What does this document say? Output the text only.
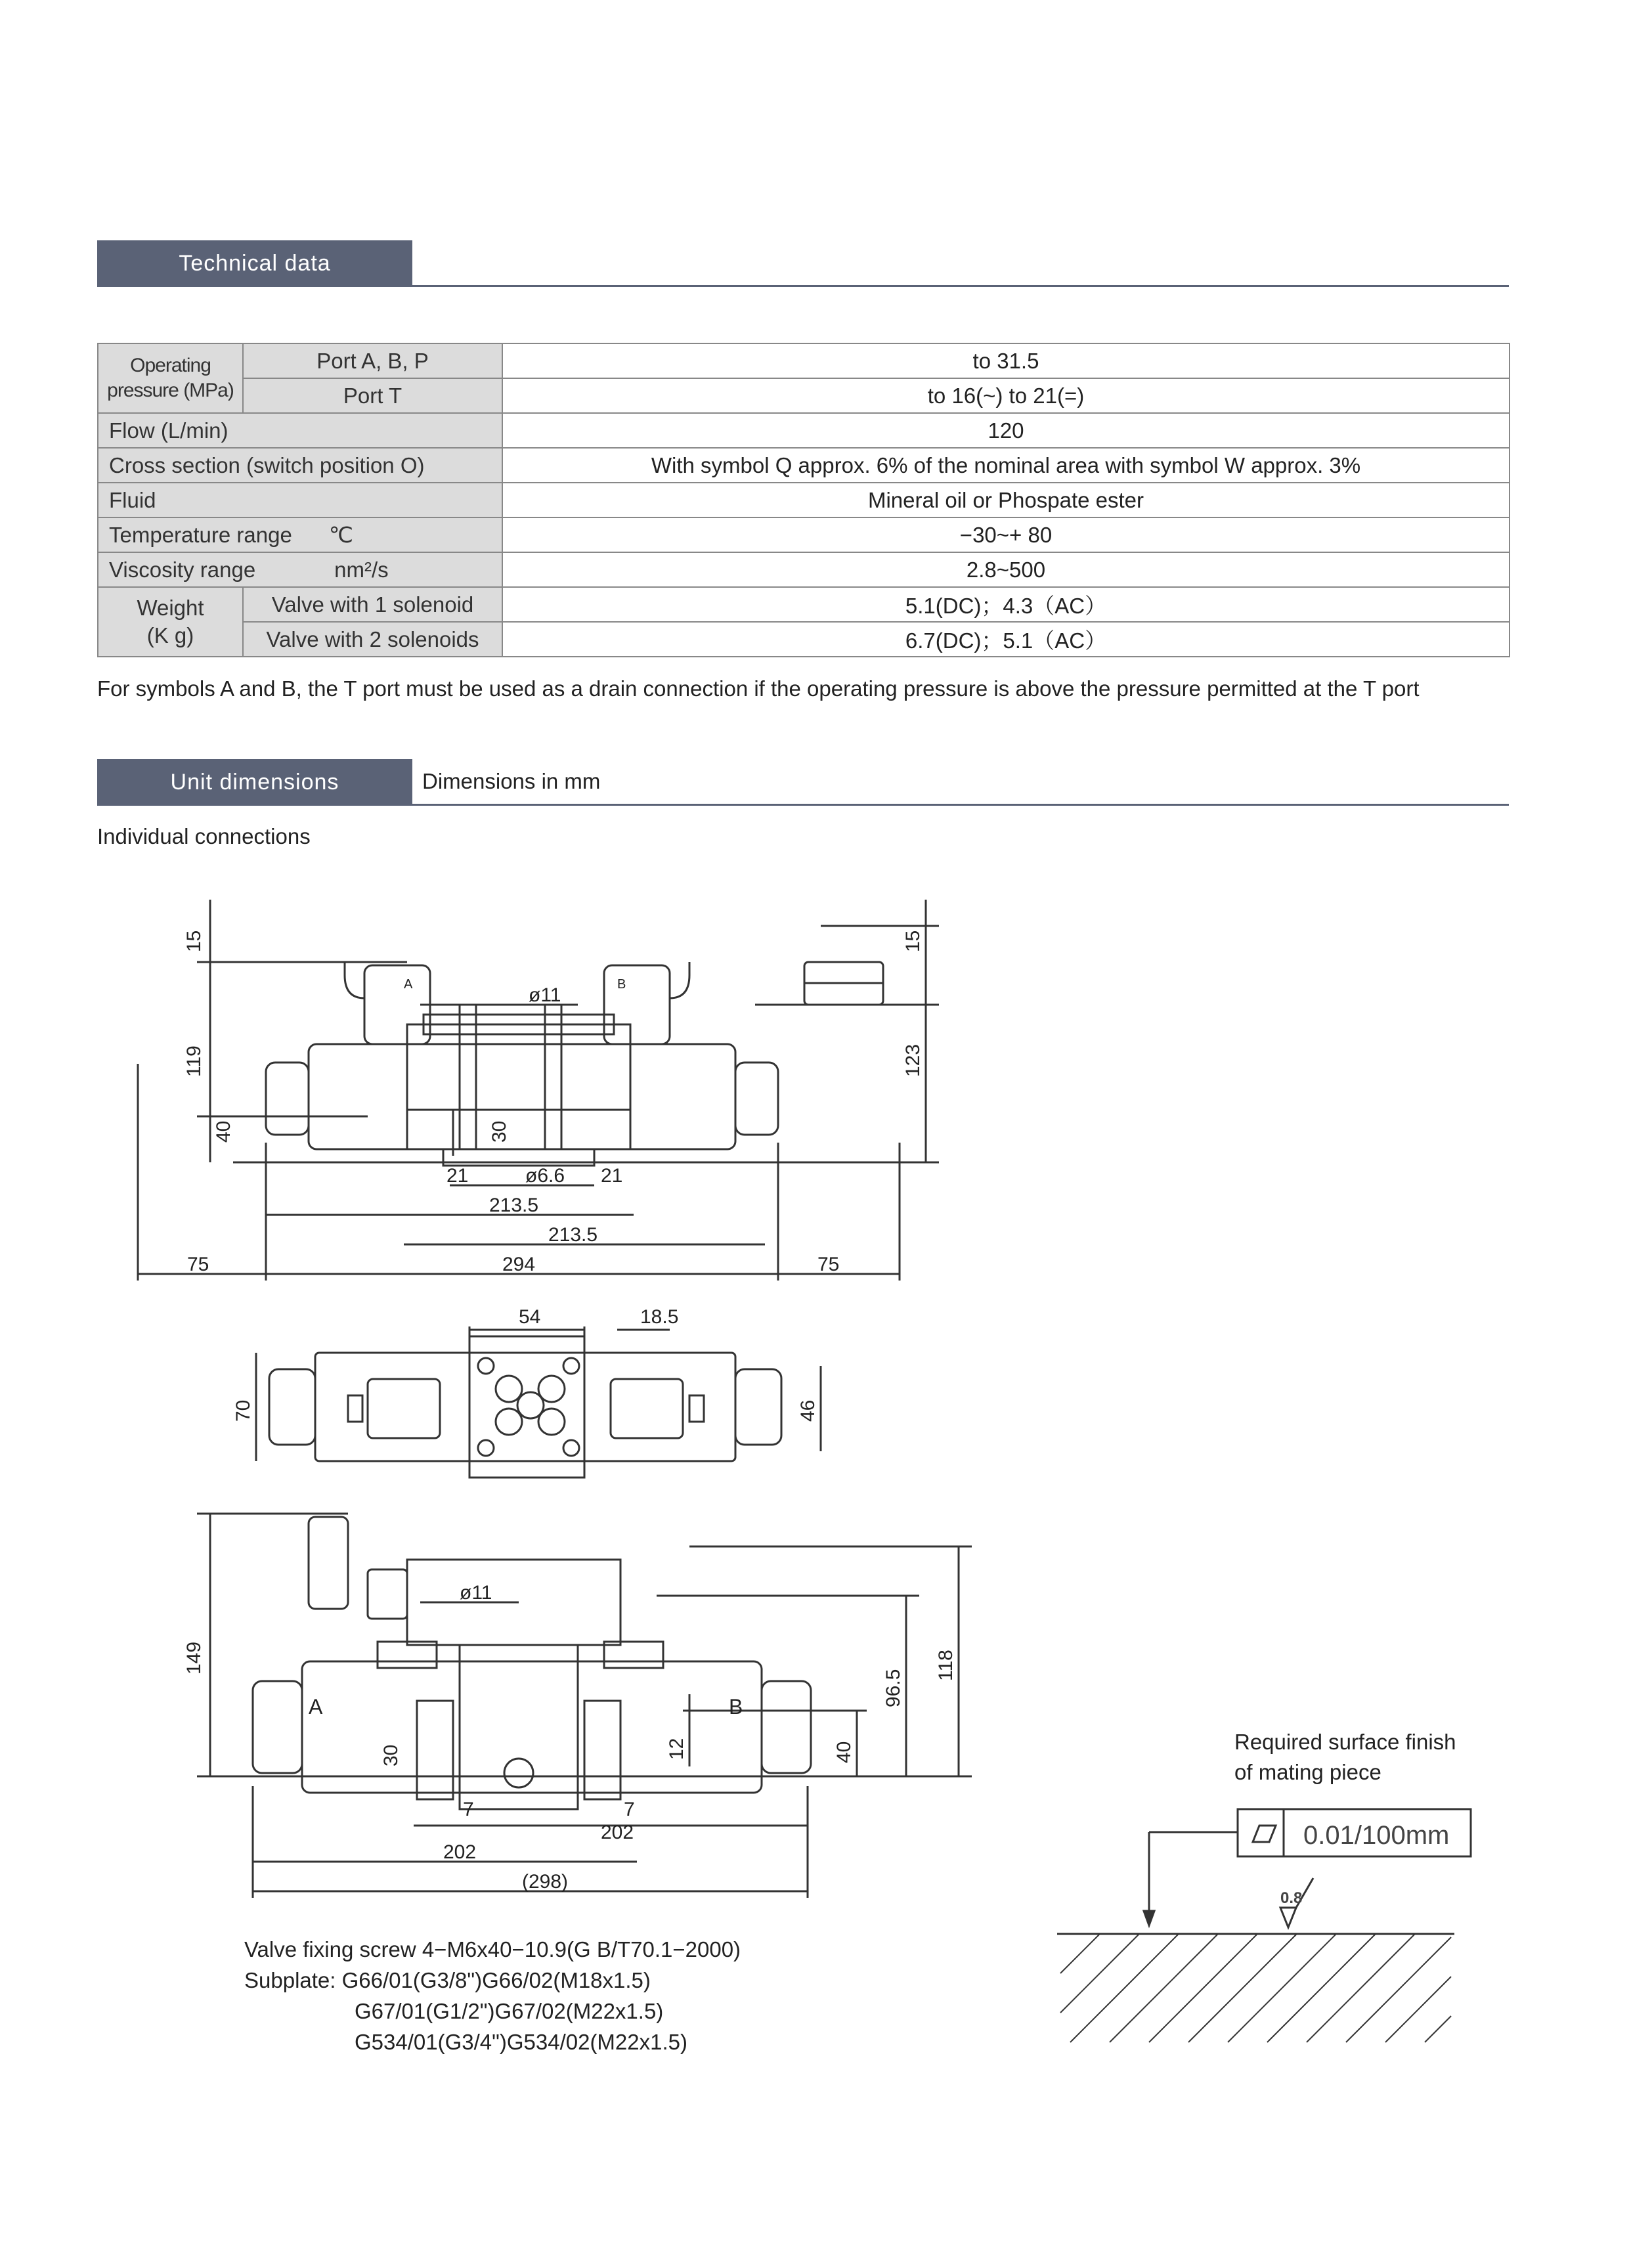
Technical data
Operating pressure (MPa)	Port A, B, P	to 31.5
	Port T	to 16(~) to 21(=)
Flow (L/min)		120
Cross section (switch position O)		With symbol Q approx. 6% of the nominal area with symbol W approx. 3%
Fluid		Mineral oil or Phospate ester
Temperature range ℃		−30~+ 80
Viscosity range nm²/s		2.8~500
Weight (K g)	Valve with 1 solenoid	5.1(DC)；4.3（AC）
	Valve with 2 solenoids	6.7(DC)；5.1（AC）
For symbols A and B, the T port must be used as a drain connection if the operating pressure is above the pressure permitted at the T port
Unit dimensions	Dimensions in mm
Individual connections
15
119
40	30
ø11
ø6.6
21	21
213.5
213.5
75	294	75
15
123
A	B
54	18.5
70	46
149
ø11
30
7	7
12	40
96.5
118
202
202
(298)
A	B
0.01/100mm
0.8
Required surface finish
of mating piece
Valve fixing screw 4−M6x40−10.9(G B/T70.1−2000)
Subplate: G66/01(G3/8")G66/02(M18x1.5)
G67/01(G1/2")G67/02(M22x1.5)
G534/01(G3/4")G534/02(M22x1.5)
